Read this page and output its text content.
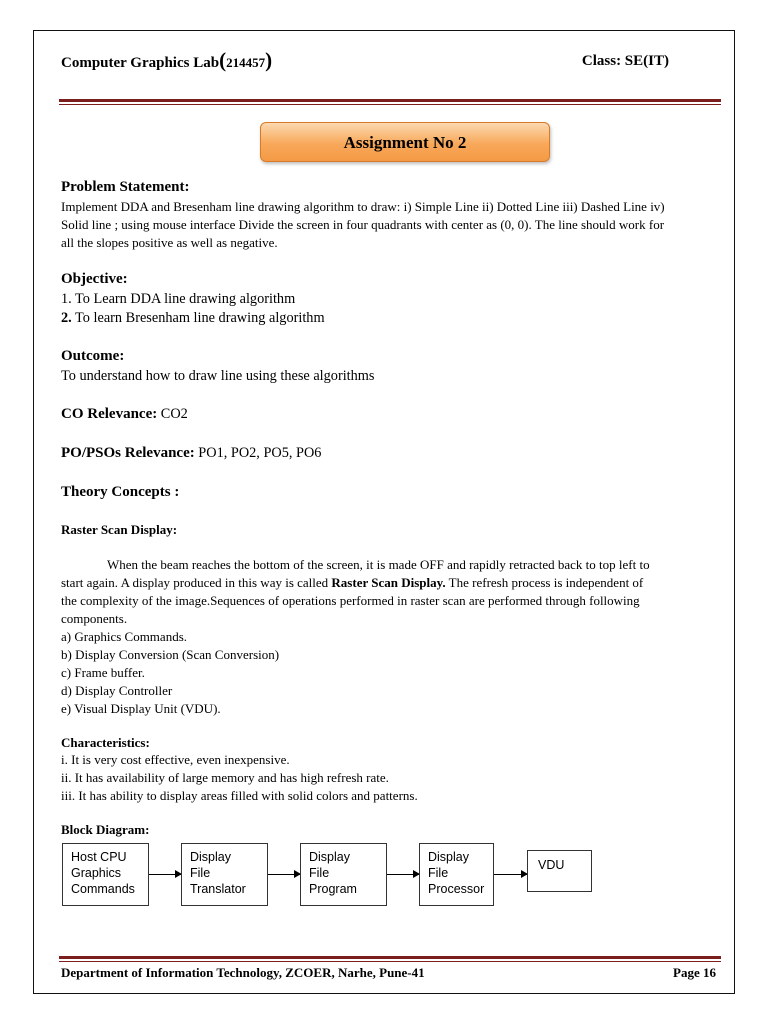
Computer Graphics Lab(214457)	Class: SE(IT)
Assignment No 2
Problem Statement:
Implement DDA and Bresenham line drawing algorithm to draw: i) Simple Line ii) Dotted Line iii) Dashed Line iv)
Solid line ; using mouse interface Divide the screen in four quadrants with center as (0, 0). The line should work for
all the slopes positive as well as negative.
Objective:
1. To Learn DDA line drawing algorithm
2. To learn Bresenham line drawing algorithm
Outcome:
To understand how to draw line using these algorithms
CO Relevance: CO2
PO/PSOs Relevance: PO1, PO2, PO5, PO6
Theory Concepts :
Raster Scan Display:
When the beam reaches the bottom of the screen, it is made OFF and rapidly retracted back to top left to
start again. A display produced in this way is called Raster Scan Display. The refresh process is independent of
the complexity of the image.Sequences of operations performed in raster scan are performed through following
components.
a) Graphics Commands.
b) Display Conversion (Scan Conversion)
c) Frame buffer.
d) Display Controller
e) Visual Display Unit (VDU).
Characteristics:
i. It is very cost effective, even inexpensive.
ii. It has availability of large memory and has high refresh rate.
iii. It has ability to display areas filled with solid colors and patterns.
Block Diagram:
Host CPU
Graphics
Commands
Display
File
Translator
Display
File
Program
Display
File
Processor
VDU
Department of Information Technology, ZCOER, Narhe, Pune-41	Page 16
